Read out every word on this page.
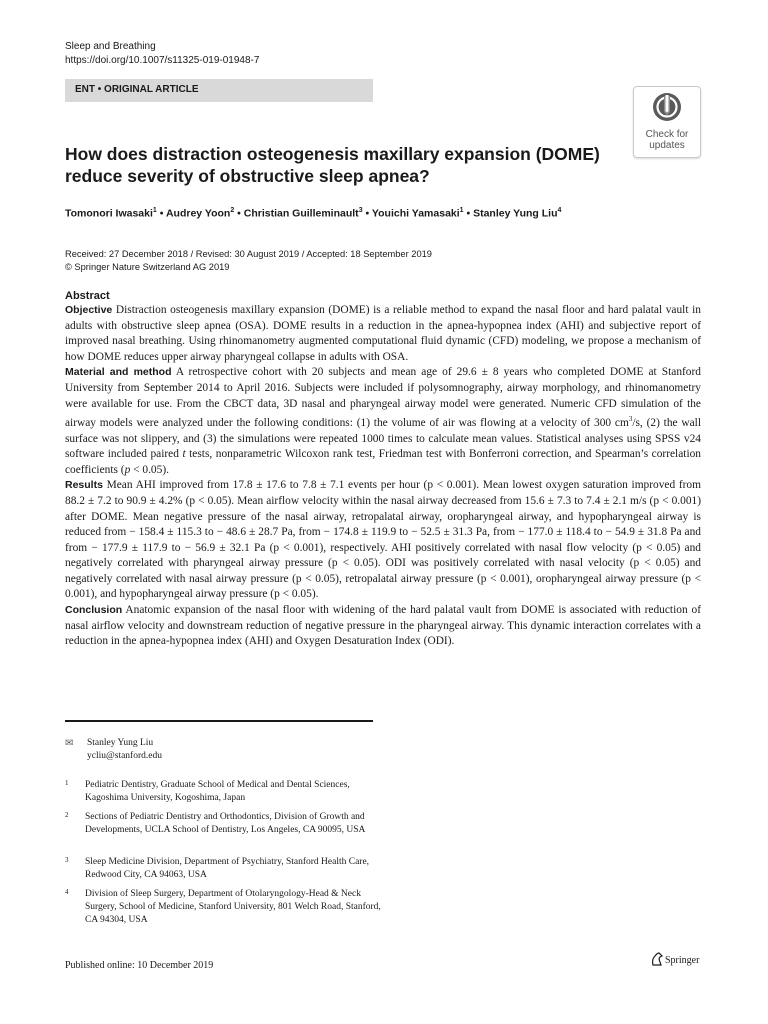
Sleep and Breathing
https://doi.org/10.1007/s11325-019-01948-7
ENT • ORIGINAL ARTICLE
Check for
updates
How does distraction osteogenesis maxillary expansion (DOME) reduce severity of obstructive sleep apnea?
Tomonori Iwasaki$^1$ • Audrey Yoon$^2$ • Christian Guilleminault$^3$ • Youichi Yamasaki$^1$ • Stanley Yung Liu$^4$
Received: 27 December 2018 / Revised: 30 August 2019 / Accepted: 18 September 2019
© Springer Nature Switzerland AG 2019
Abstract

Objective Distraction osteogenesis maxillary expansion (DOME) is a reliable method to expand the nasal floor and hard palatal vault in adults with obstructive sleep apnea (OSA). DOME results in a reduction in the apnea-hypopnea index (AHI) and subjective report of improved nasal breathing. Using rhinomanometry augmented computational fluid dynamic (CFD) modeling, we propose a mechanism of how DOME reduces upper airway pharyngeal collapse in adults with OSA.

Material and method A retrospective cohort with 20 subjects and mean age of 29.6 ± 8 years who completed DOME at Stanford University from September 2014 to April 2016. Subjects were included if polysomnography, airway morphology, and rhinomanometry were available for use. From the CBCT data, 3D nasal and pharyngeal airway model were generated. Numeric CFD simulation of the airway models were analyzed under the following conditions: (1) the volume of air was flowing at a velocity of 300 $cm^3/s$, (2) the wall surface was not slippery, and (3) the simulations were repeated 1000 times to calculate mean values. Statistical analyses using SPSS v24 software included paired t tests, nonparametric Wilcoxon rank test, Friedman test with Bonferroni correction, and Spearman’s correlation coefficients (p < 0.05).

Results Mean AHI improved from 17.8 ± 17.6 to 7.8 ± 7.1 events per hour (p < 0.001). Mean lowest oxygen saturation improved from 88.2 ± 7.2 to 90.9 ± 4.2% (p < 0.05). Mean airflow velocity within the nasal airway decreased from 15.6 ± 7.3 to 7.4 ± 2.1 m/s (p < 0.001) after DOME. Mean negative pressure of the nasal airway, retropalatal airway, oropharyngeal airway, and hypopharyngeal airway is reduced from − 158.4 ± 115.3 to − 48.6 ± 28.7 Pa, from − 174.8 ± 119.9 to − 52.5 ± 31.3 Pa, from − 177.0 ± 118.4 to − 54.9 ± 31.8 Pa and from − 177.9 ± 117.9 to − 56.9 ± 32.1 Pa (p < 0.001), respectively. AHI positively correlated with nasal flow velocity (p < 0.05) and negatively correlated with pharyngeal airway pressure (p < 0.05). ODI was positively correlated with nasal velocity (p < 0.05) and negatively correlated with nasal airway pressure (p < 0.05), retropalatal airway pressure (p < 0.001), oropharyngeal airway pressure (p < 0.001), and hypopharyngeal airway pressure (p < 0.05).

Conclusion Anatomic expansion of the nasal floor with widening of the hard palatal vault from DOME is associated with reduction of nasal airflow velocity and downstream reduction of negative pressure in the pharyngeal airway. This dynamic interaction correlates with a reduction in the apnea-hypopnea index (AHI) and Oxygen Desaturation Index (ODI).

✉ Stanley Yung Liu
ycliu@stanford.edu
1 Pediatric Dentistry, Graduate School of Medical and Dental Sciences, Kagoshima University, Kogoshima, Japan
2 Sections of Pediatric Dentistry and Orthodontics, Division of Growth and Developments, UCLA School of Dentistry, Los Angeles, CA 90095, USA
3 Sleep Medicine Division, Department of Psychiatry, Stanford Health Care, Redwood City, CA 94063, USA
4 Division of Sleep Surgery, Department of Otolaryngology-Head & Neck Surgery, School of Medicine, Stanford University, 801 Welch Road, Stanford, CA 94304, USA
Published online: 10 December 2019	Springer
